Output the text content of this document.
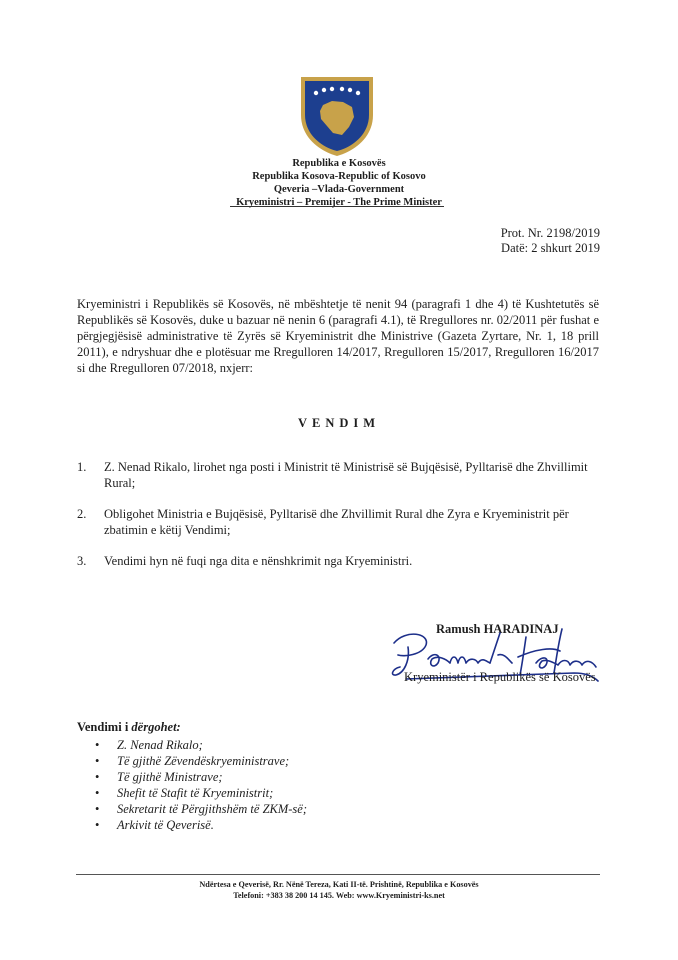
Republika e Kosovës
Republika Kosova-Republic of Kosovo
Qeveria –Vlada-Government
Kryeministri – Premijer - The Prime Minister
Prot. Nr. 2198/2019
Datë: 2 shkurt 2019
Kryeministri i Republikës së Kosovës, në mbështetje të nenit 94 (paragrafi 1 dhe 4) të Kushtetutës së Republikës së Kosovës, duke u bazuar në nenin 6 (paragrafi 4.1), të Rregullores nr. 02/2011 për fushat e përgjegjësisë administrative të Zyrës së Kryeministrit dhe Ministrive (Gazeta Zyrtare, Nr. 1, 18 prill 2011), e ndryshuar dhe e plotësuar me Rregulloren 14/2017, Rregulloren 15/2017, Rregulloren 16/2017 si dhe Rregulloren 07/2018, nxjerr:
VENDIM
1.	Z. Nenad Rikalo, lirohet nga posti i Ministrit të Ministrisë së Bujqësisë, Pylltarisë dhe Zhvillimit Rural;
2.	Obligohet Ministria e Bujqësisë, Pylltarisë dhe Zhvillimit Rural dhe Zyra e Kryeministrit për zbatimin e këtij Vendimi;
3.	Vendimi hyn në fuqi nga dita e nënshkrimit nga Kryeministri.
Ramush HARADINAJ
Ramush Haradinaj
Kryeministër i Republikës së Kosovës
Vendimi i dërgohet:
• Z. Nenad Rikalo;
• Të gjithë Zëvendëskryeministrave;
• Të gjithë Ministrave;
• Shefit të Stafit të Kryeministrit;
• Sekretarit të Përgjithshëm të ZKM-së;
• Arkivit të Qeverisë.
Ndërtesa e Qeverisë, Rr. Nënë Tereza, Kati II-të. Prishtinë, Republika e Kosovës
Telefoni: +383 38 200 14 145. Web: www.Kryeministri-ks.net
